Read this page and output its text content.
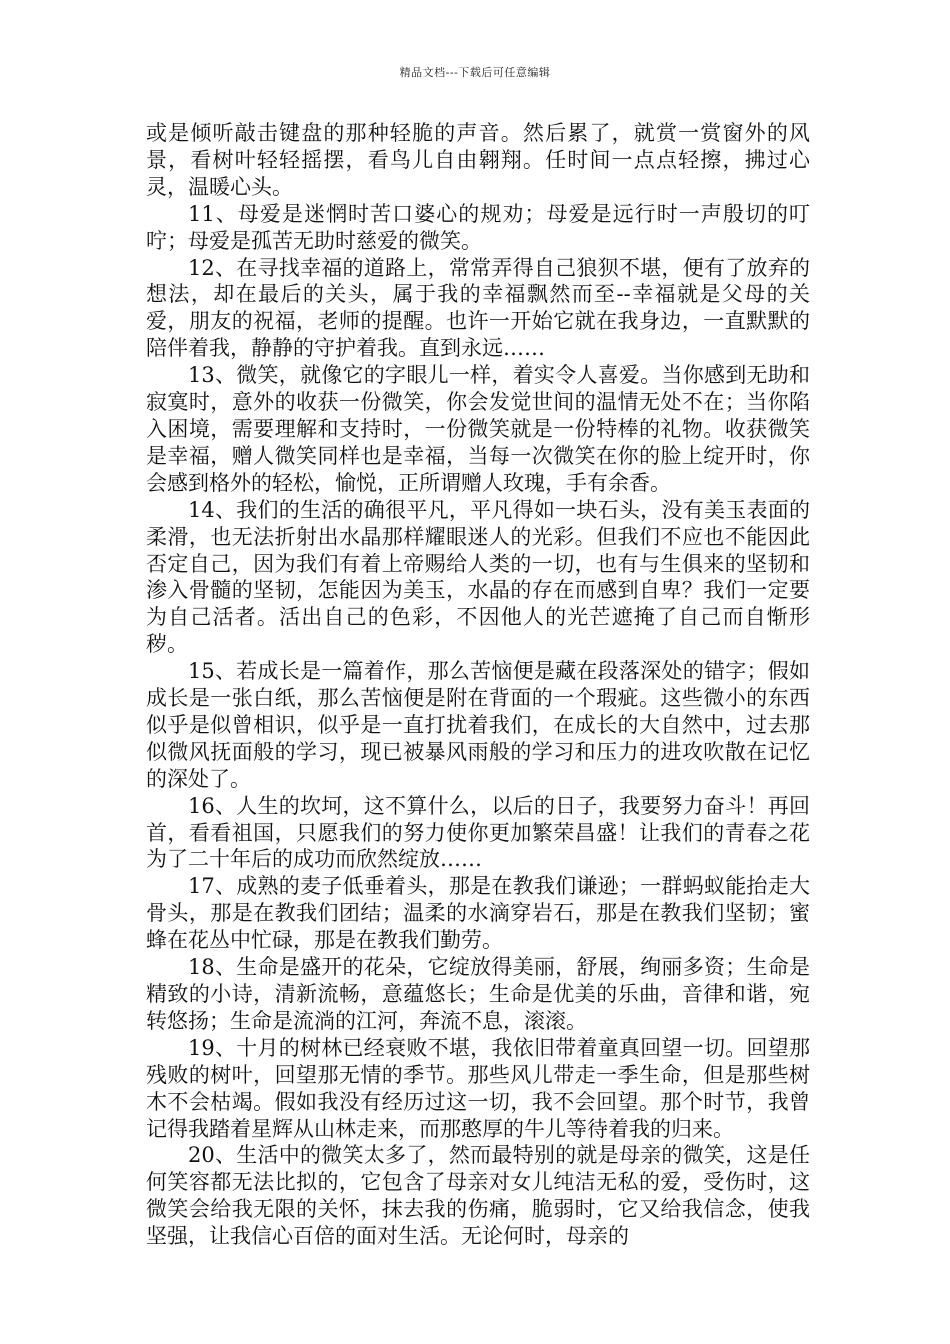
精品文档---下载后可任意编辑

或是倾听敲击键盘的那种轻脆的声音。然后累了，就赏一赏窗外的风景，看树叶轻轻摇摆，看鸟儿自由翱翔。任时间一点点轻擦，拂过心灵，温暖心头。

11、母爱是迷惘时苦口婆心的规劝；母爱是远行时一声殷切的叮咛；母爱是孤苦无助时慈爱的微笑。

12、在寻找幸福的道路上，常常弄得自己狼狈不堪，便有了放弃的想法，却在最后的关头，属于我的幸福飘然而至--幸福就是父母的关爱，朋友的祝福，老师的提醒。也许一开始它就在我身边，一直默默的陪伴着我，静静的守护着我。直到永远……

13、微笑，就像它的字眼儿一样，着实令人喜爱。当你感到无助和寂寞时，意外的收获一份微笑，你会发觉世间的温情无处不在；当你陷入困境，需要理解和支持时，一份微笑就是一份特棒的礼物。收获微笑是幸福，赠人微笑同样也是幸福，当每一次微笑在你的脸上绽开时，你会感到格外的轻松，愉悦，正所谓赠人玫瑰，手有余香。

14、我们的生活的确很平凡，平凡得如一块石头，没有美玉表面的柔滑，也无法折射出水晶那样耀眼迷人的光彩。但我们不应也不能因此否定自己，因为我们有着上帝赐给人类的一切，也有与生俱来的坚韧和渗入骨髓的坚韧，怎能因为美玉，水晶的存在而感到自卑？我们一定要为自己活者。活出自己的色彩，不因他人的光芒遮掩了自己而自惭形秽。

15、若成长是一篇着作，那么苦恼便是藏在段落深处的错字；假如成长是一张白纸，那么苦恼便是附在背面的一个瑕疵。这些微小的东西似乎是似曾相识，似乎是一直打扰着我们，在成长的大自然中，过去那似微风抚面般的学习，现已被暴风雨般的学习和压力的进攻吹散在记忆的深处了。

16、人生的坎坷，这不算什么，以后的日子，我要努力奋斗！再回首，看看祖国，只愿我们的努力使你更加繁荣昌盛！让我们的青春之花为了二十年后的成功而欣然绽放……

17、成熟的麦子低垂着头，那是在教我们谦逊；一群蚂蚁能抬走大骨头，那是在教我们团结；温柔的水滴穿岩石，那是在教我们坚韧；蜜蜂在花丛中忙碌，那是在教我们勤劳。

18、生命是盛开的花朵，它绽放得美丽，舒展，绚丽多资；生命是精致的小诗，清新流畅，意蕴悠长；生命是优美的乐曲，音律和谐，宛转悠扬；生命是流淌的江河，奔流不息，滚滚。

19、十月的树林已经衰败不堪，我依旧带着童真回望一切。回望那残败的树叶，回望那无情的季节。那些风儿带走一季生命，但是那些树木不会枯竭。假如我没有经历过这一切，我不会回望。那个时节，我曾记得我踏着星辉从山林走来，而那憨厚的牛儿等待着我的归来。

20、生活中的微笑太多了，然而最特别的就是母亲的微笑，这是任何笑容都无法比拟的，它包含了母亲对女儿纯洁无私的爱，受伤时，这微笑会给我无限的关怀，抹去我的伤痛，脆弱时，它又给我信念，使我坚强，让我信心百倍的面对生活。无论何时，母亲的
